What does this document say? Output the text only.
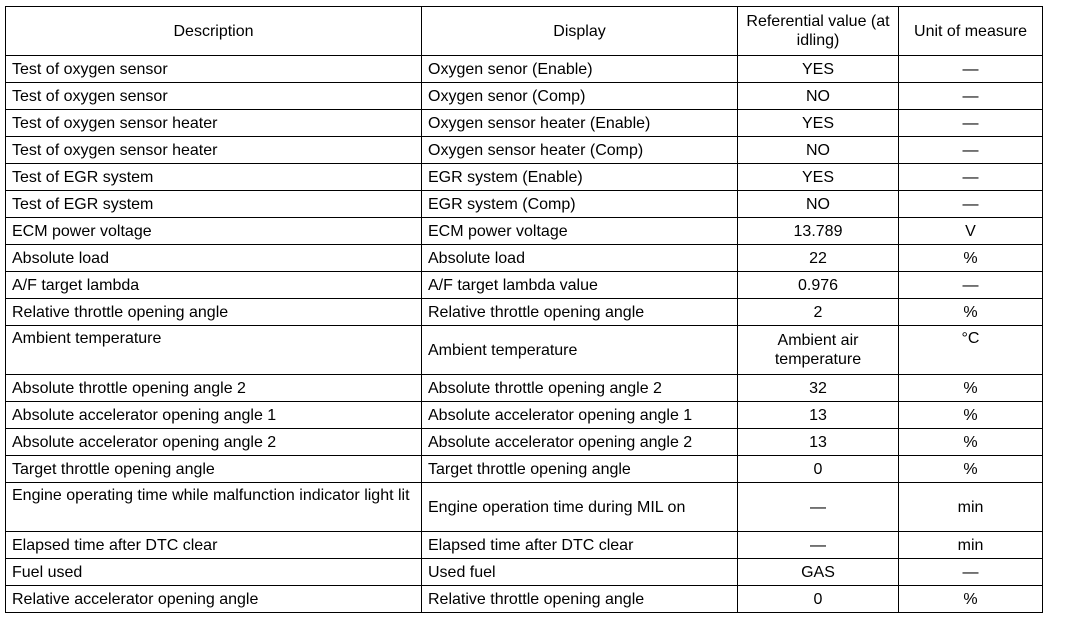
Description	Display	Referential value (at idling)	Unit of measure
Test of oxygen sensor	Oxygen senor (Enable)	YES	—
Test of oxygen sensor	Oxygen senor (Comp)	NO	—
Test of oxygen sensor heater	Oxygen sensor heater (Enable)	YES	—
Test of oxygen sensor heater	Oxygen sensor heater (Comp)	NO	—
Test of EGR system	EGR system (Enable)	YES	—
Test of EGR system	EGR system (Comp)	NO	—
ECM power voltage	ECM power voltage	13.789	V
Absolute load	Absolute load	22	%
A/F target lambda	A/F target lambda value	0.976	—
Relative throttle opening angle	Relative throttle opening angle	2	%
Ambient temperature	Ambient temperature	Ambient air temperature	°C
Absolute throttle opening angle 2	Absolute throttle opening angle 2	32	%
Absolute accelerator opening angle 1	Absolute accelerator opening angle 1	13	%
Absolute accelerator opening angle 2	Absolute accelerator opening angle 2	13	%
Target throttle opening angle	Target throttle opening angle	0	%
Engine operating time while malfunction indicator light lit	Engine operation time during MIL on	—	min
Elapsed time after DTC clear	Elapsed time after DTC clear	—	min
Fuel used	Used fuel	GAS	—
Relative accelerator opening angle	Relative throttle opening angle	0	%
